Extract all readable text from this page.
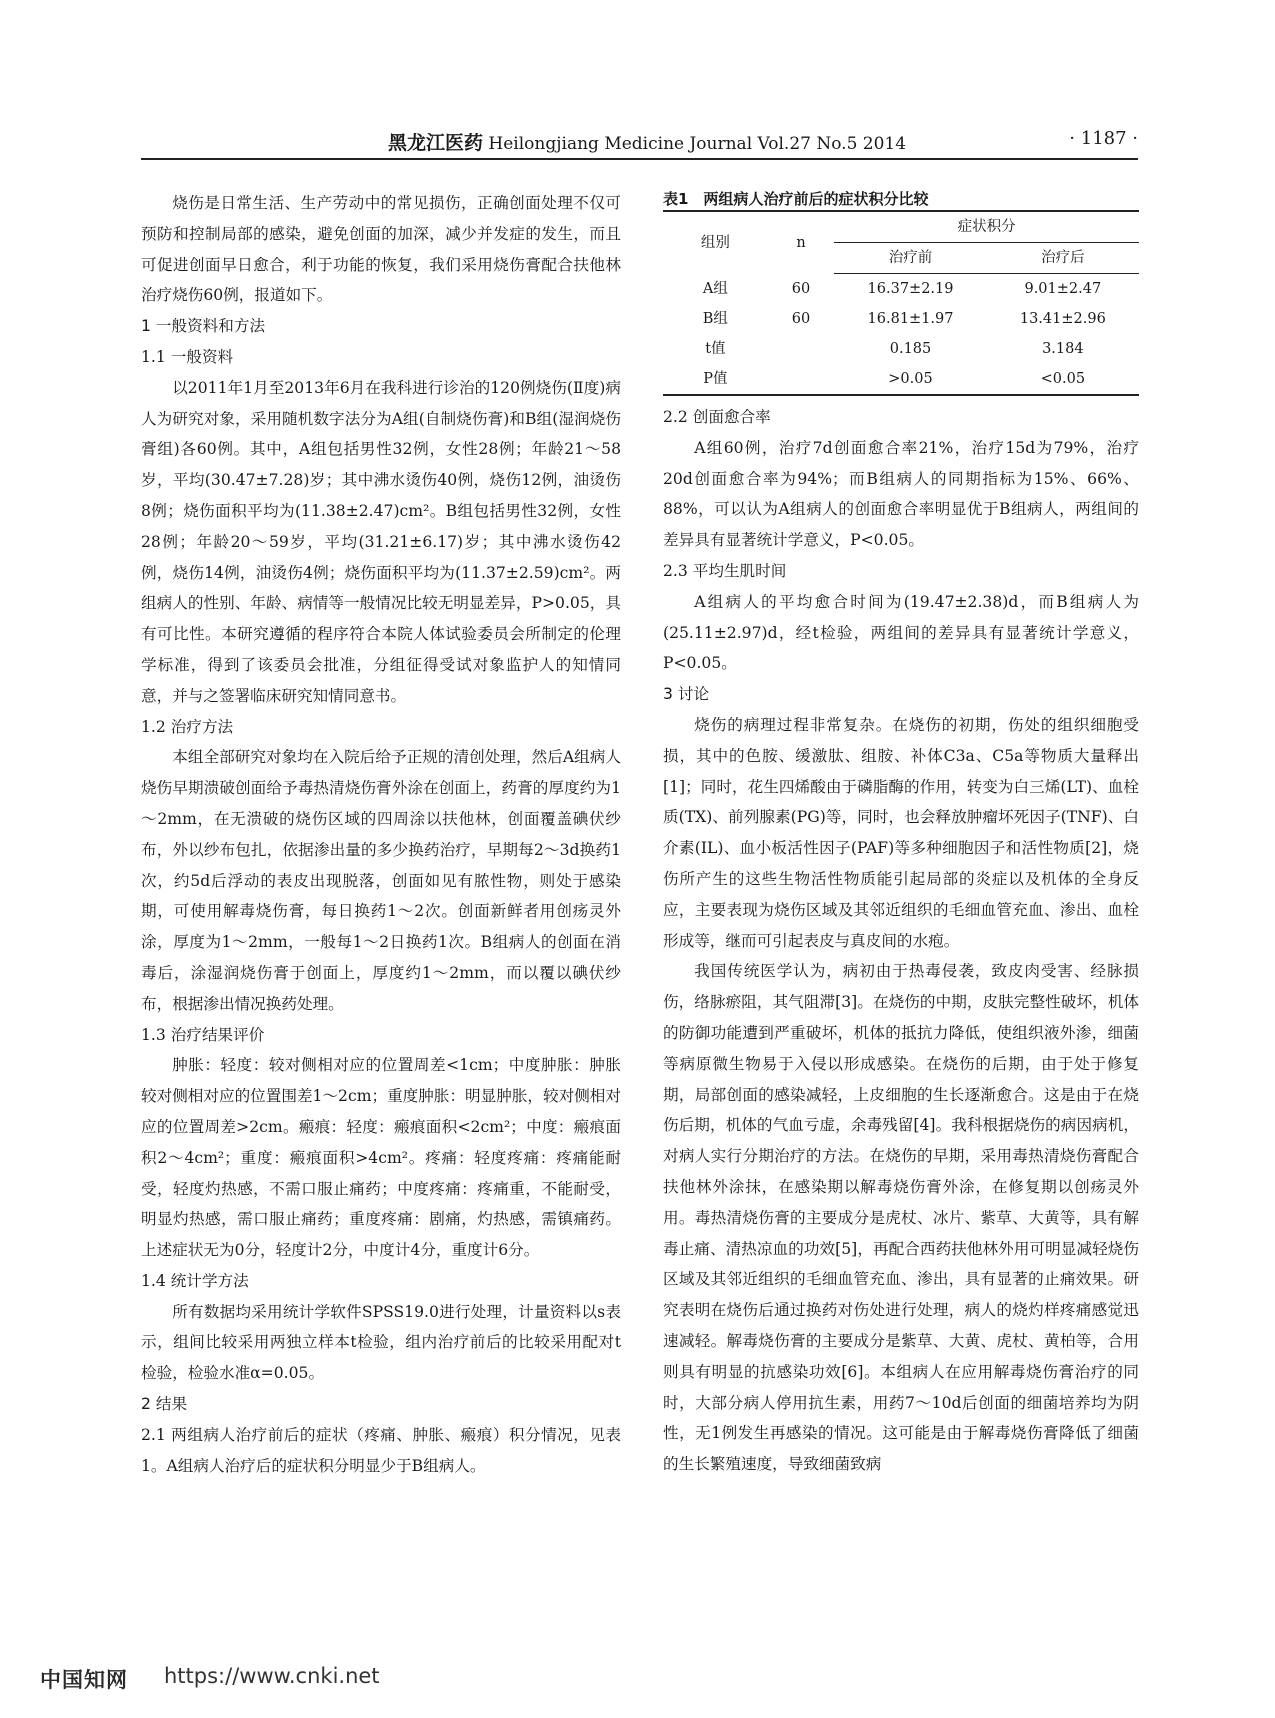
黑龙江医药 Heilongjiang Medicine Journal Vol.27 No.5 2014	· 1187 ·

烧伤是日常生活、生产劳动中的常见损伤，正确创面处理不仅可预防和控制局部的感染，避免创面的加深，减少并发症的发生，而且可促进创面早日愈合，利于功能的恢复，我们采用烧伤膏配合扶他林治疗烧伤60例，报道如下。

1 一般资料和方法

1.1 一般资料

以2011年1月至2013年6月在我科进行诊治的120例烧伤(Ⅱ度)病人为研究对象，采用随机数字法分为A组(自制烧伤膏)和B组(湿润烧伤膏组)各60例。其中，A组包括男性32例，女性28例；年龄21～58岁，平均(30.47±7.28)岁；其中沸水烫伤40例，烧伤12例，油烫伤8例；烧伤面积平均为(11.38±2.47)cm²。B组包括男性32例，女性28例；年龄20～59岁，平均(31.21±6.17)岁；其中沸水烫伤42例，烧伤14例，油烫伤4例；烧伤面积平均为(11.37±2.59)cm²。两组病人的性别、年龄、病情等一般情况比较无明显差异，P>0.05，具有可比性。本研究遵循的程序符合本院人体试验委员会所制定的伦理学标准，得到了该委员会批准，分组征得受试对象监护人的知情同意，并与之签署临床研究知情同意书。

1.2 治疗方法

本组全部研究对象均在入院后给予正规的清创处理，然后A组病人烧伤早期溃破创面给予毒热清烧伤膏外涂在创面上，药膏的厚度约为1～2mm，在无溃破的烧伤区域的四周涂以扶他林，创面覆盖碘伏纱布，外以纱布包扎，依据渗出量的多少换药治疗，早期每2～3d换药1次，约5d后浮动的表皮出现脱落，创面如见有脓性物，则处于感染期，可使用解毒烧伤膏，每日换药1～2次。创面新鲜者用创疡灵外涂，厚度为1～2mm，一般每1～2日换药1次。B组病人的创面在消毒后，涂湿润烧伤膏于创面上，厚度约1～2mm，而以覆以碘伏纱布，根据渗出情况换药处理。

1.3 治疗结果评价

肿胀：轻度：较对侧相对应的位置周差<1cm；中度肿胀：肿胀较对侧相对应的位置围差1～2cm；重度肿胀：明显肿胀，较对侧相对应的位置周差>2cm。瘢痕：轻度：瘢痕面积<2cm²；中度：瘢痕面积2～4cm²；重度：瘢痕面积>4cm²。疼痛：轻度疼痛：疼痛能耐受，轻度灼热感，不需口服止痛药；中度疼痛：疼痛重，不能耐受，明显灼热感，需口服止痛药；重度疼痛：剧痛，灼热感，需镇痛药。上述症状无为0分，轻度计2分，中度计4分，重度计6分。

1.4 统计学方法

所有数据均采用统计学软件SPSS19.0进行处理，计量资料以s表示，组间比较采用两独立样本t检验，组内治疗前后的比较采用配对t检验，检验水准α=0.05。

2 结果

2.1 两组病人治疗前后的症状（疼痛、肿胀、瘢痕）积分情况，见表1。A组病人治疗后的症状积分明显少于B组病人。

表1　两组病人治疗前后的症状积分比较

组别	n	症状积分	
		治疗前	治疗后
A组	60	16.37±2.19	9.01±2.47
B组	60	16.81±1.97	13.41±2.96
t值		0.185	3.184
P值		>0.05	<0.05

2.2 创面愈合率

A组60例，治疗7d创面愈合率21%，治疗15d为79%，治疗20d创面愈合率为94%；而B组病人的同期指标为15%、66%、88%，可以认为A组病人的创面愈合率明显优于B组病人，两组间的差异具有显著统计学意义，P<0.05。

2.3 平均生肌时间

A组病人的平均愈合时间为(19.47±2.38)d，而B组病人为(25.11±2.97)d，经t检验，两组间的差异具有显著统计学意义，P<0.05。

3 讨论

烧伤的病理过程非常复杂。在烧伤的初期，伤处的组织细胞受损，其中的色胺、缓激肽、组胺、补体C3a、C5a等物质大量释出[1]；同时，花生四烯酸由于磷脂酶的作用，转变为白三烯(LT)、血栓质(TX)、前列腺素(PG)等，同时，也会释放肿瘤坏死因子(TNF)、白介素(IL)、血小板活性因子(PAF)等多种细胞因子和活性物质[2]，烧伤所产生的这些生物活性物质能引起局部的炎症以及机体的全身反应，主要表现为烧伤区域及其邻近组织的毛细血管充血、渗出、血栓形成等，继而可引起表皮与真皮间的水疱。

我国传统医学认为，病初由于热毒侵袭，致皮肉受害、经脉损伤，络脉瘀阻，其气阻滞[3]。在烧伤的中期，皮肤完整性破坏，机体的防御功能遭到严重破坏，机体的抵抗力降低，使组织液外渗，细菌等病原微生物易于入侵以形成感染。在烧伤的后期，由于处于修复期，局部创面的感染减轻，上皮细胞的生长逐渐愈合。这是由于在烧伤后期，机体的气血亏虚，余毒残留[4]。我科根据烧伤的病因病机，对病人实行分期治疗的方法。在烧伤的早期，采用毒热清烧伤膏配合扶他林外涂抹，在感染期以解毒烧伤膏外涂，在修复期以创疡灵外用。毒热清烧伤膏的主要成分是虎杖、冰片、紫草、大黄等，具有解毒止痛、清热凉血的功效[5]，再配合西药扶他林外用可明显减轻烧伤区域及其邻近组织的毛细血管充血、渗出，具有显著的止痛效果。研究表明在烧伤后通过换药对伤处进行处理，病人的烧灼样疼痛感觉迅速减轻。解毒烧伤膏的主要成分是紫草、大黄、虎杖、黄柏等，合用则具有明显的抗感染功效[6]。本组病人在应用解毒烧伤膏治疗的同时，大部分病人停用抗生素，用药7～10d后创面的细菌培养均为阴性，无1例发生再感染的情况。这可能是由于解毒烧伤膏降低了细菌的生长繁殖速度，导致细菌致病

中国知网 https://www.cnki.net
